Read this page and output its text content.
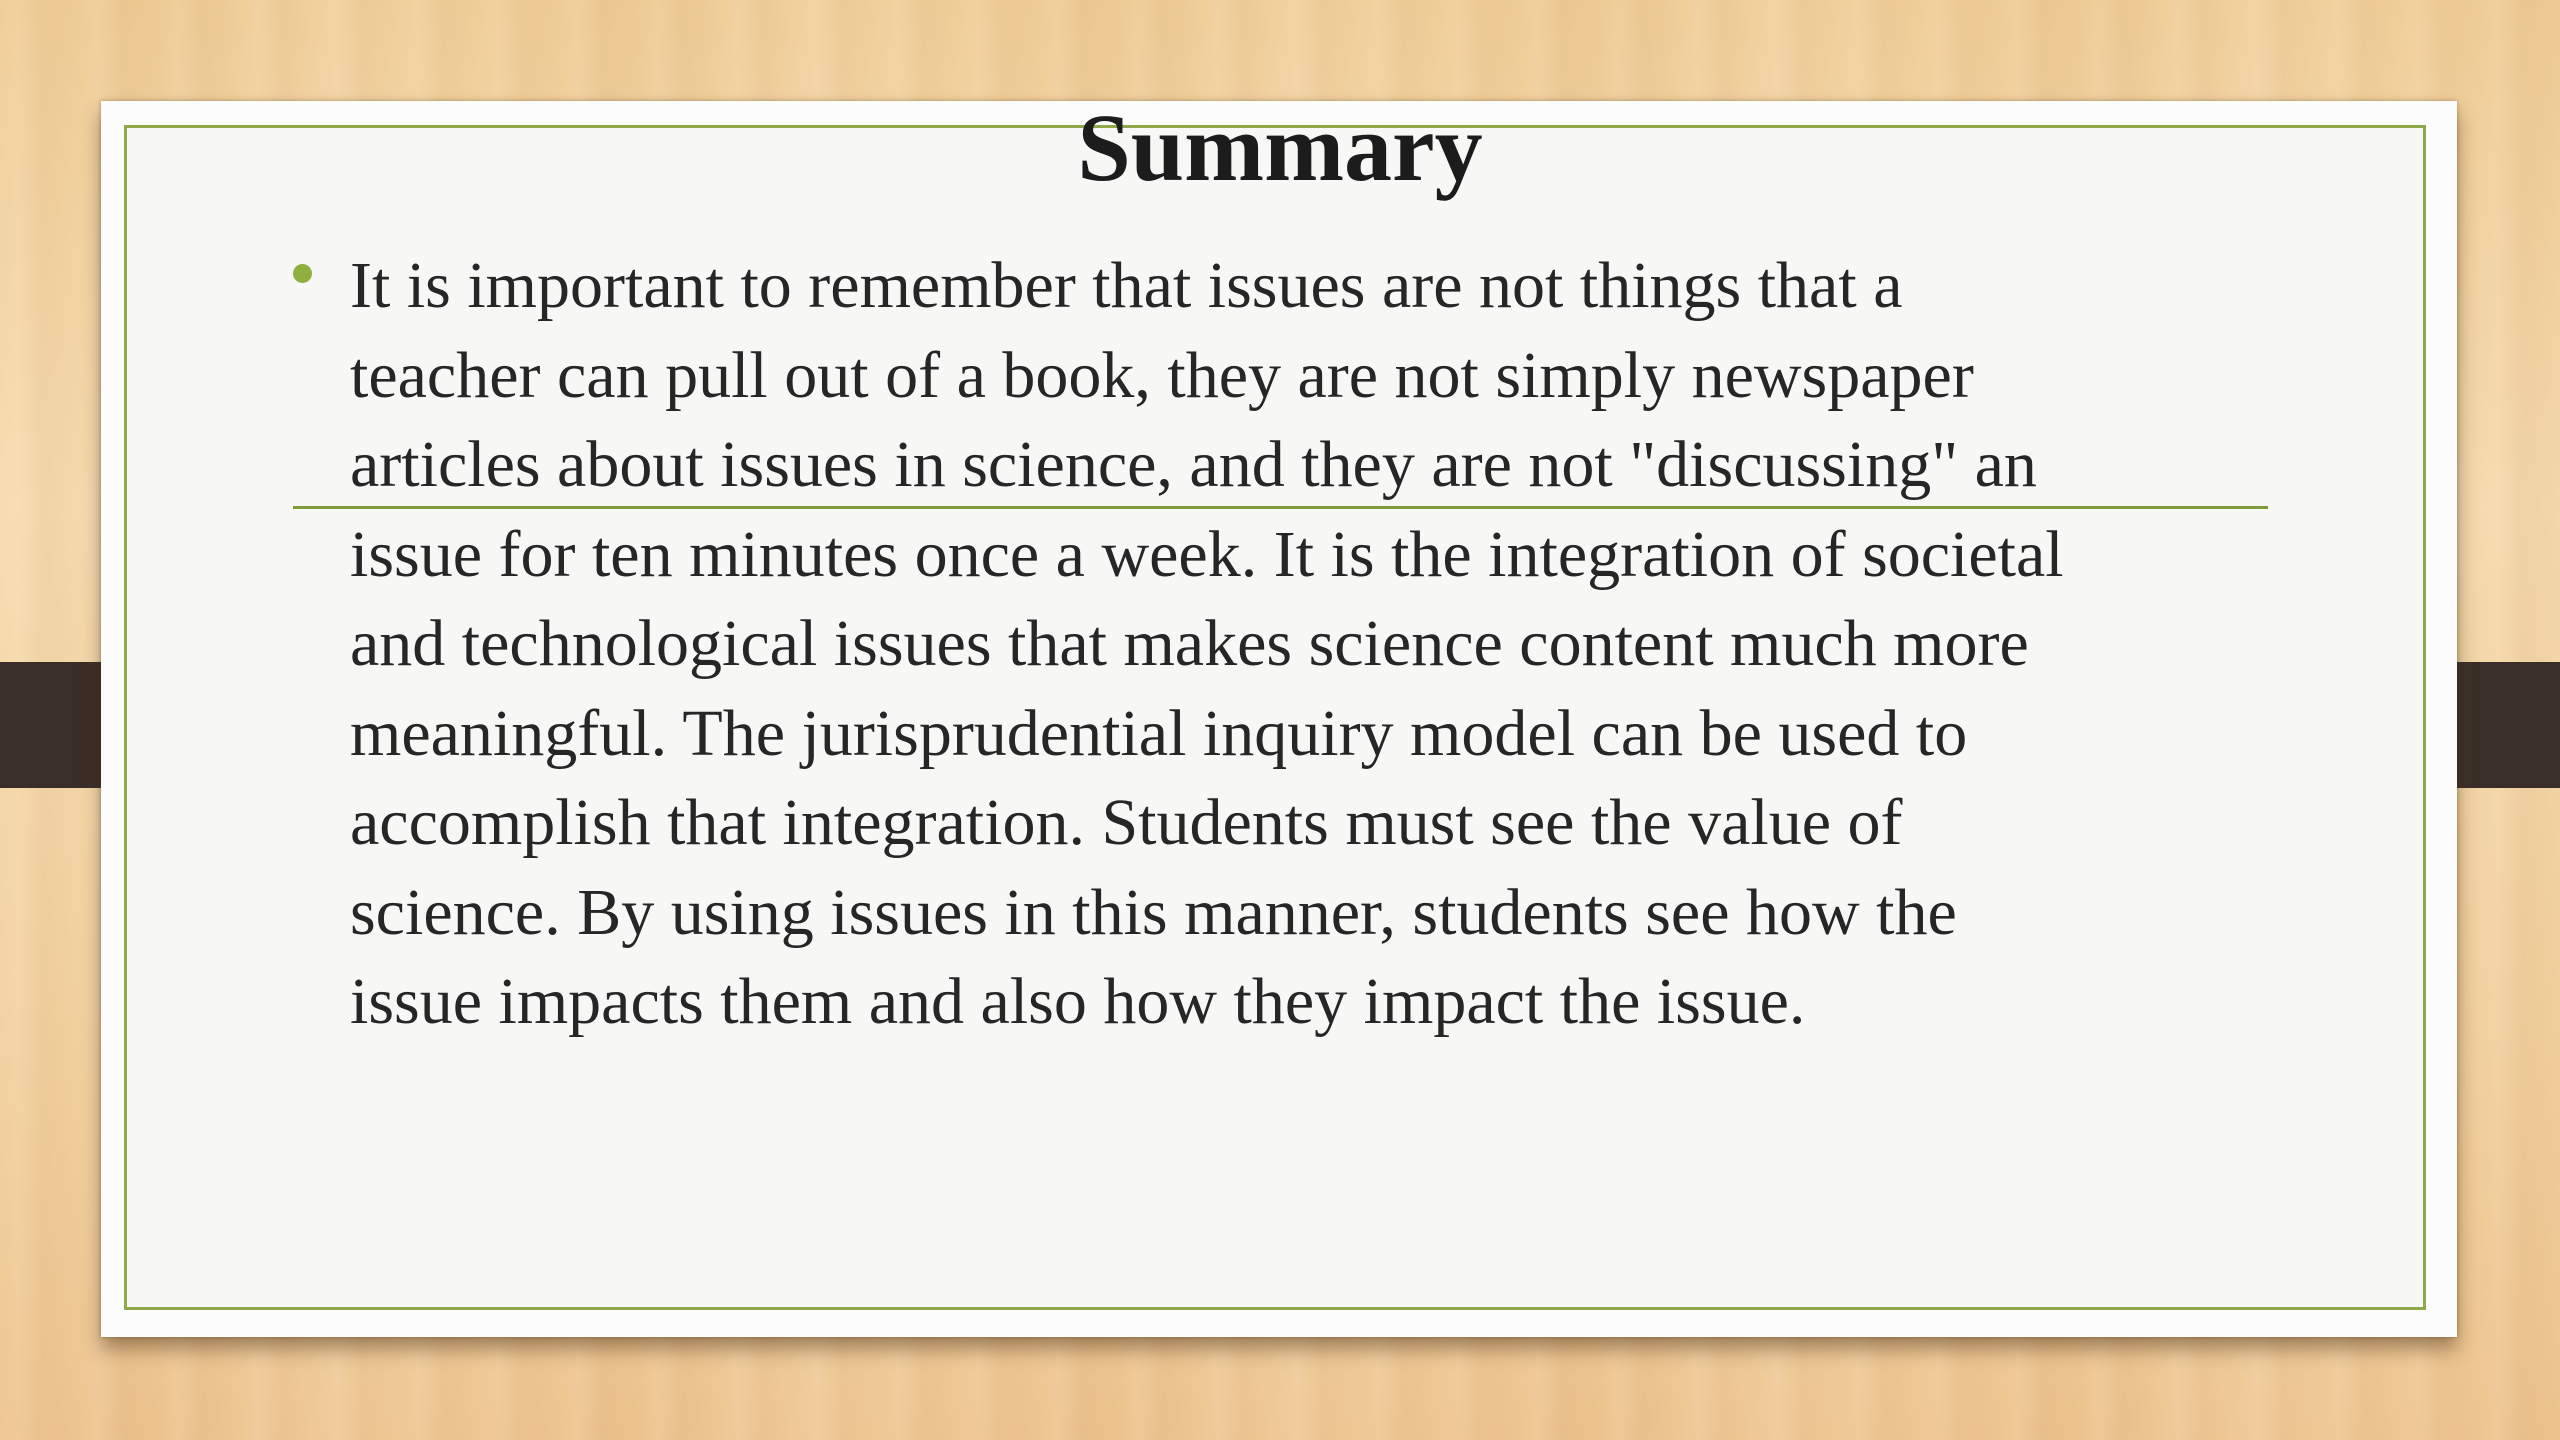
Summary
It is important to remember that issues are not things that a
teacher can pull out of a book, they are not simply newspaper
articles about issues in science, and they are not "discussing" an
issue for ten minutes once a week. It is the integration of societal
and technological issues that makes science content much more
meaningful. The jurisprudential inquiry model can be used to
accomplish that integration. Students must see the value of
science. By using issues in this manner, students see how the
issue impacts them and also how they impact the issue.
